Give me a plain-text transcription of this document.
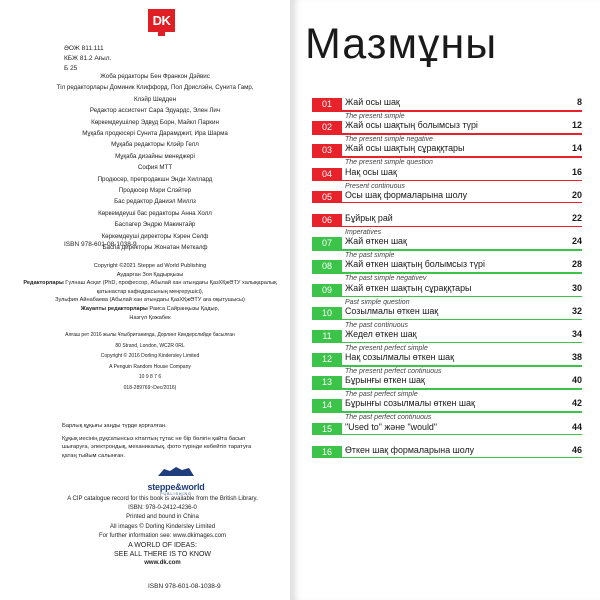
DK
ӘОЖ 811.111
КБЖ 81.2 Ағыл.
Б 25
Жоба редакторы Бен Франкон Дэйвис
Тіл редакторлары Доминик Клиффорд, Пол Дрислэйн, Сунита Гамр,
Клэйр Шедден
Редактор ассистент Сара Эдуардс, Элен Лич
Көркемдеушілер Эдвуд Борн, Майкл Паркин
Мұқаба продюсері Сунита Дарамджит, Ира Шарма
Мұқаба редакторы Клэйр Гелл
Мұқаба дизайны менеджері
София МТТ
Продюсер, препродакшн Энди Хиллард
Продюсер Мэри Слэйтер
Бас редактор Даниэл Миллз
Көркемдеуші бас редакторы Анна Холл
Баспагер Эндрю Макинтайр
Көркемдеуші директоры Кэрен Селф
Баспа директоры Жонатан Меткалф
ISBN 978-601-08-1038-9
Copyright ©2021 Steppe ad World Publishing
Аударған Зоя Қадырқызы
Редакторлары Гүлнаш Асқат (PhD, профессор, Абылай хан атындағы ҚазХҚжӘТУ халықаралық қатынастар кафедрасының меңгерушісі),
Зульфия Айнабаева (Абылай хан атындағы ҚазХҚжӘТУ аға оқытушысы)
Жауапты редакторлары Раиса Сайранқызы Қадыр,
Назгүл Қожабек
Алғаш рет 2016 жылы Ұлыбританияда, Дорлинг Киндерслийде басылған
80 Strand, London, WC2R 0RL
Copyright © 2016 Dorling Kindersley Limited
A Penguin Random House Company
10 9 8 7 6
018-289769~Dec/2016)
Барлық құқығы заңды түрде қорғалған.
Құқық иесінің рұқсатынсыз кітаптың тұтас не бір бөлігін қайта басып
шығаруға, электрондық, механикалық, фото түрінде көбейтіп таратуға
қатаң тыйым салынған.
steppe&world
PUBLISHING
A CIP catalogue record for this book is available from the British Library.
ISBN: 978-0-2412-4236-0
Printed and bound in China
All images © Dorling Kindersley Limited
For further information see: www.dkimages.com
A WORLD OF IDEAS:
SEE ALL THERE IS TO KNOW
www.dk.com
ISBN 978-601-08-1038-9
Мазмұны
01	Жай осы шақ	8
The present simple
02	Жай осы шақтың болымсыз түрі	12
The present simple negative
03	Жай осы шақтың сұраққтары	14
The present simple question
04	Нақ осы шақ	16
Present continuous
05	Осы шақ формаларына шолу	20
06	Бұйрық рай	22
Imperatives
07	Жай өткен шақ	24
The past simple
08	Жай өткен шақтың болымсыз түрі	28
The past simple negativev
09	Жай өткен шақтың сұраққтары	30
Past simple question
10	Созылмалы өткен шақ	32
The past continuous
11	Жедел өткен шақ	34
The present perfect simple
12	Нақ созылмалы өткен шақ	38
The present perfect continuous
13	Бұрынғы өткен шақ	40
The past perfect simple
14	Бұрынғы созылмалы өткен шақ	42
The past perfect continuous
15	"Used to" және "would"	44
16	Өткен шақ формаларына шолу	46
